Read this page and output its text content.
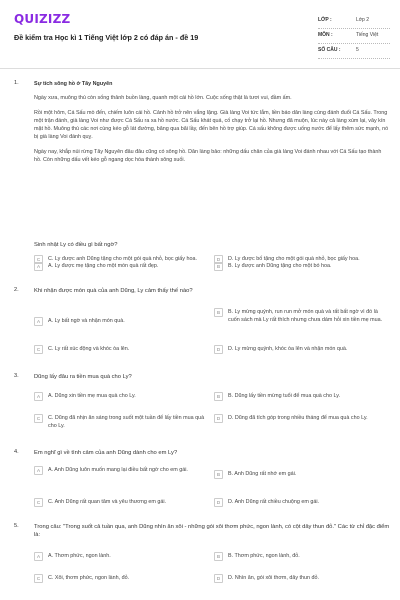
QUIZIZZ
Đề kiểm tra Học kì 1 Tiếng Việt lớp 2 có đáp án - đề 19
LỚP :	Lớp 2
MÔN :	Tiếng Việt
SỐ CÂU :	5
1.	Sự tích sông hồ ở Tây Nguyên
Ngày xưa, muông thú còn sống thảnh buồn làng, quanh một cái hồ lớn. Cuộc sống thật là tươi vui, đầm ấm.
Rồi một hôm, Cá Sấu mò đến, chiếm luôn cái hồ. Cảnh hồ trở nên vắng lặng. Già làng Voi tức lắm, liền báo dân làng cùng đánh đuổi Cá Sấu. Trong một trận đánh, già làng Voi như được Cá Sấu ra xa hồ nước. Cá Sấu khát quá, cố chạy trở lại hồ. Nhưng đã muộn, lúc này cả làng xúm lại, vây kín mặt hồ. Muông thú các nơi cùng kéo gỗ lát đường, băng qua bãi lầy, đến bên hồ trợ giúp. Cá sấu không được uống nước để lấy thêm sức mạnh, nó bị già làng Voi đánh quỵ.
Ngày nay, khắp núi rừng Tây Nguyên đâu đâu cũng có sông hồ. Dân làng bảo: những dấu chân của già làng Voi đánh nhau với Cá Sấu tạo thành hồ. Còn những dấu vết kéo gỗ ngang dọc hóa thành sông suối.
Sinh nhật Ly có điều gì bất ngờ?
A	A. Ly được mẹ tặng cho một món quà rất đẹp.	B	B. Ly được anh Dũng tặng cho một bó hoa.
C	C. Ly được anh Dũng tặng cho một gói quà nhỏ, bọc giấy hoa.	D	D. Ly được bố tặng cho một gói quà nhỏ, bọc giấy hoa.
2.	Khi nhận được món quà của anh Dũng, Ly cảm thấy thế nào?
A	A. Ly bất ngờ và nhận món quà.
B	B. Ly mừng quýnh, run run mở món quà và rất bất ngờ vì đó là cuốn sách mà Ly rất thích nhưng chưa dám hỏi xin tiền mẹ mua.
C	C. Ly rất xúc động và khóc òa lên.	D	D. Ly mừng quýnh, khóc òa lên và nhận món quà.
3.	Dũng lấy đâu ra tiền mua quà cho Ly?
A	A. Dũng xin tiền mẹ mua quà cho Ly.	B	B. Dũng lấy tiền mừng tuổi để mua quà cho Ly.
C	C. Dũng đã nhịn ăn sáng trong suốt một tuần để lấy tiền mua quà cho Ly.
D	D. Dũng đã tích góp trong nhiều tháng để mua quà cho Ly.
4.	Em nghĩ gì về tình cảm của anh Dũng dành cho em Ly?
A	A. Anh Dũng luôn muốn mang lại điều bất ngờ cho em gái.
B	B. Anh Dũng rất nhớ em gái.
C	C. Anh Dũng rất quan tâm và yêu thương em gái.	D	D. Anh Dũng rất chiều chuộng em gái.
5.	Trong câu: "Trong suốt cả tuần qua, anh Dũng nhìn ăn xôi - những gói xôi thơm phức, ngon lành, có cột dây thun đỏ." Các từ chỉ đặc điểm là:
A	A. Thơm phức, ngon lành.	B	B. Thơm phức, ngon lành, đỏ.
C	C. Xôi, thơm phức, ngon lành, đỏ.	D	D. Nhìn ăn, gói xôi thơm, dây thun đỏ.
